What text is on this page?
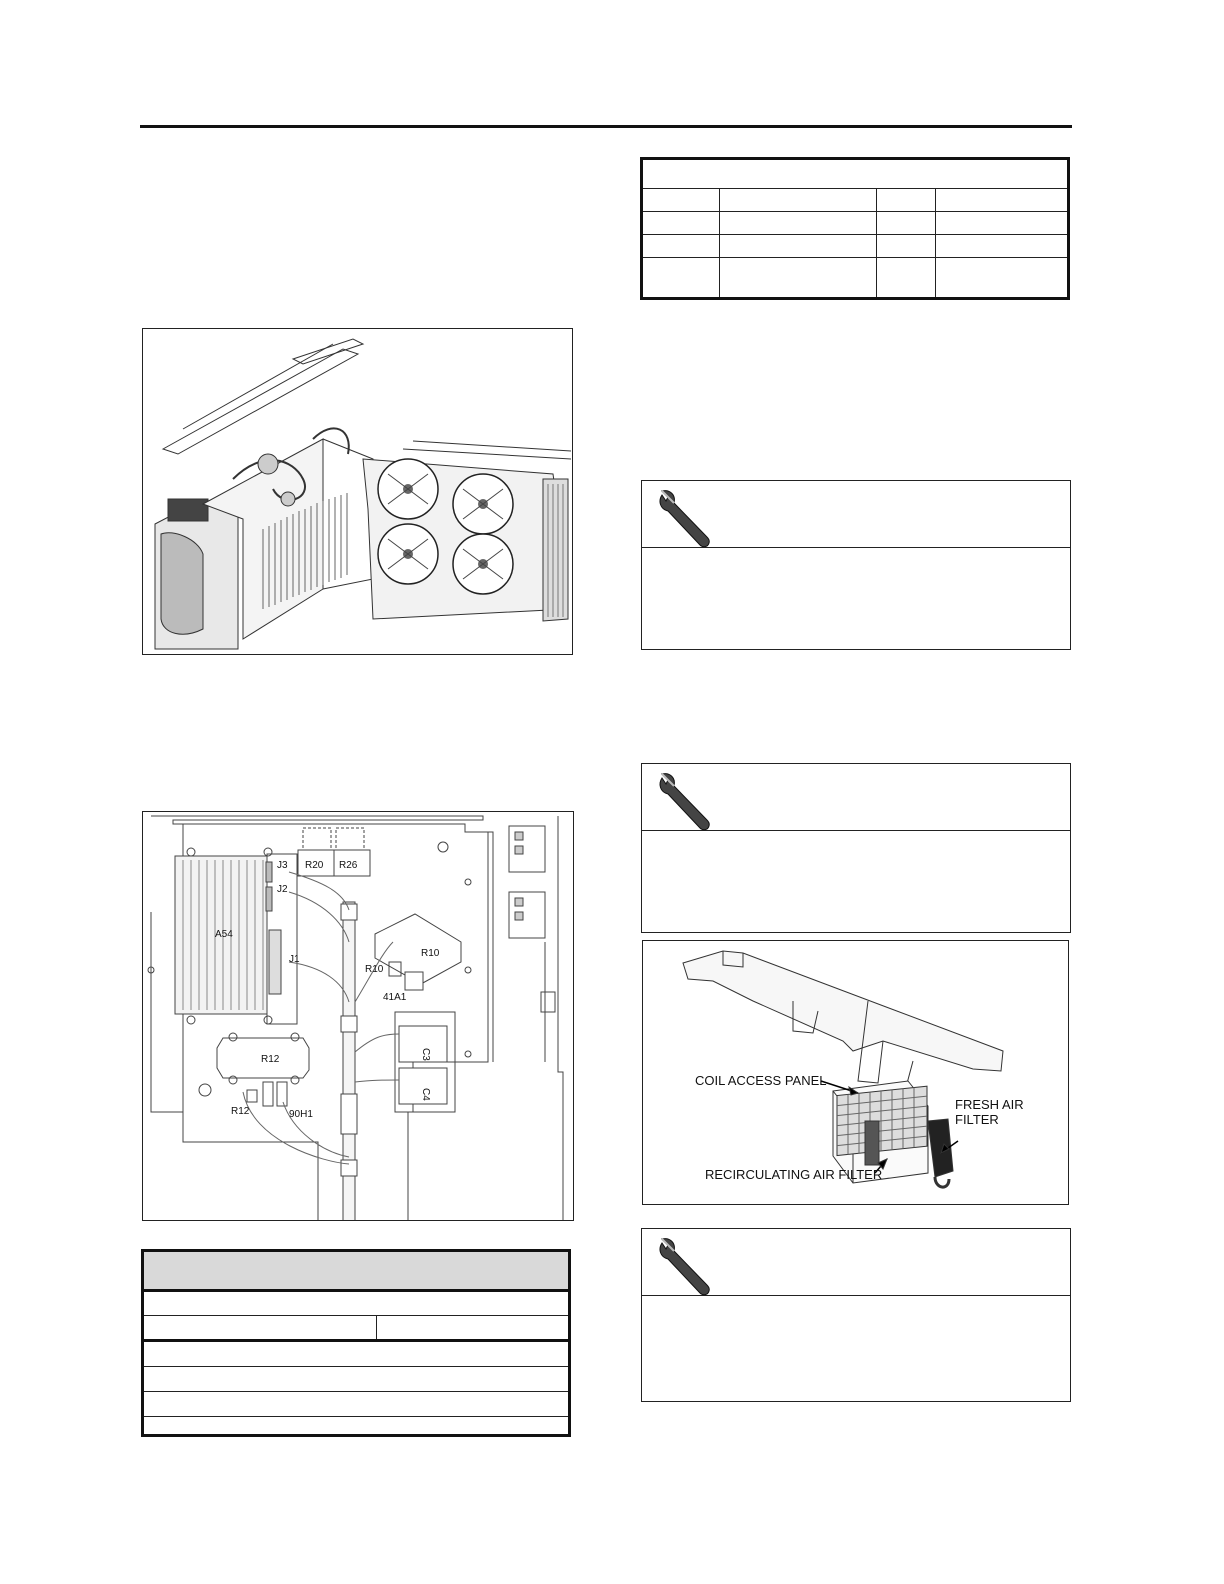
A54
J3
J2
J1
R20 R26
R10
R10
41A1
R12
R12	90H1
C3
C4
COIL ACCESS PANEL
FRESH AIR
FILTER
RECIRCULATING AIR FILTER
